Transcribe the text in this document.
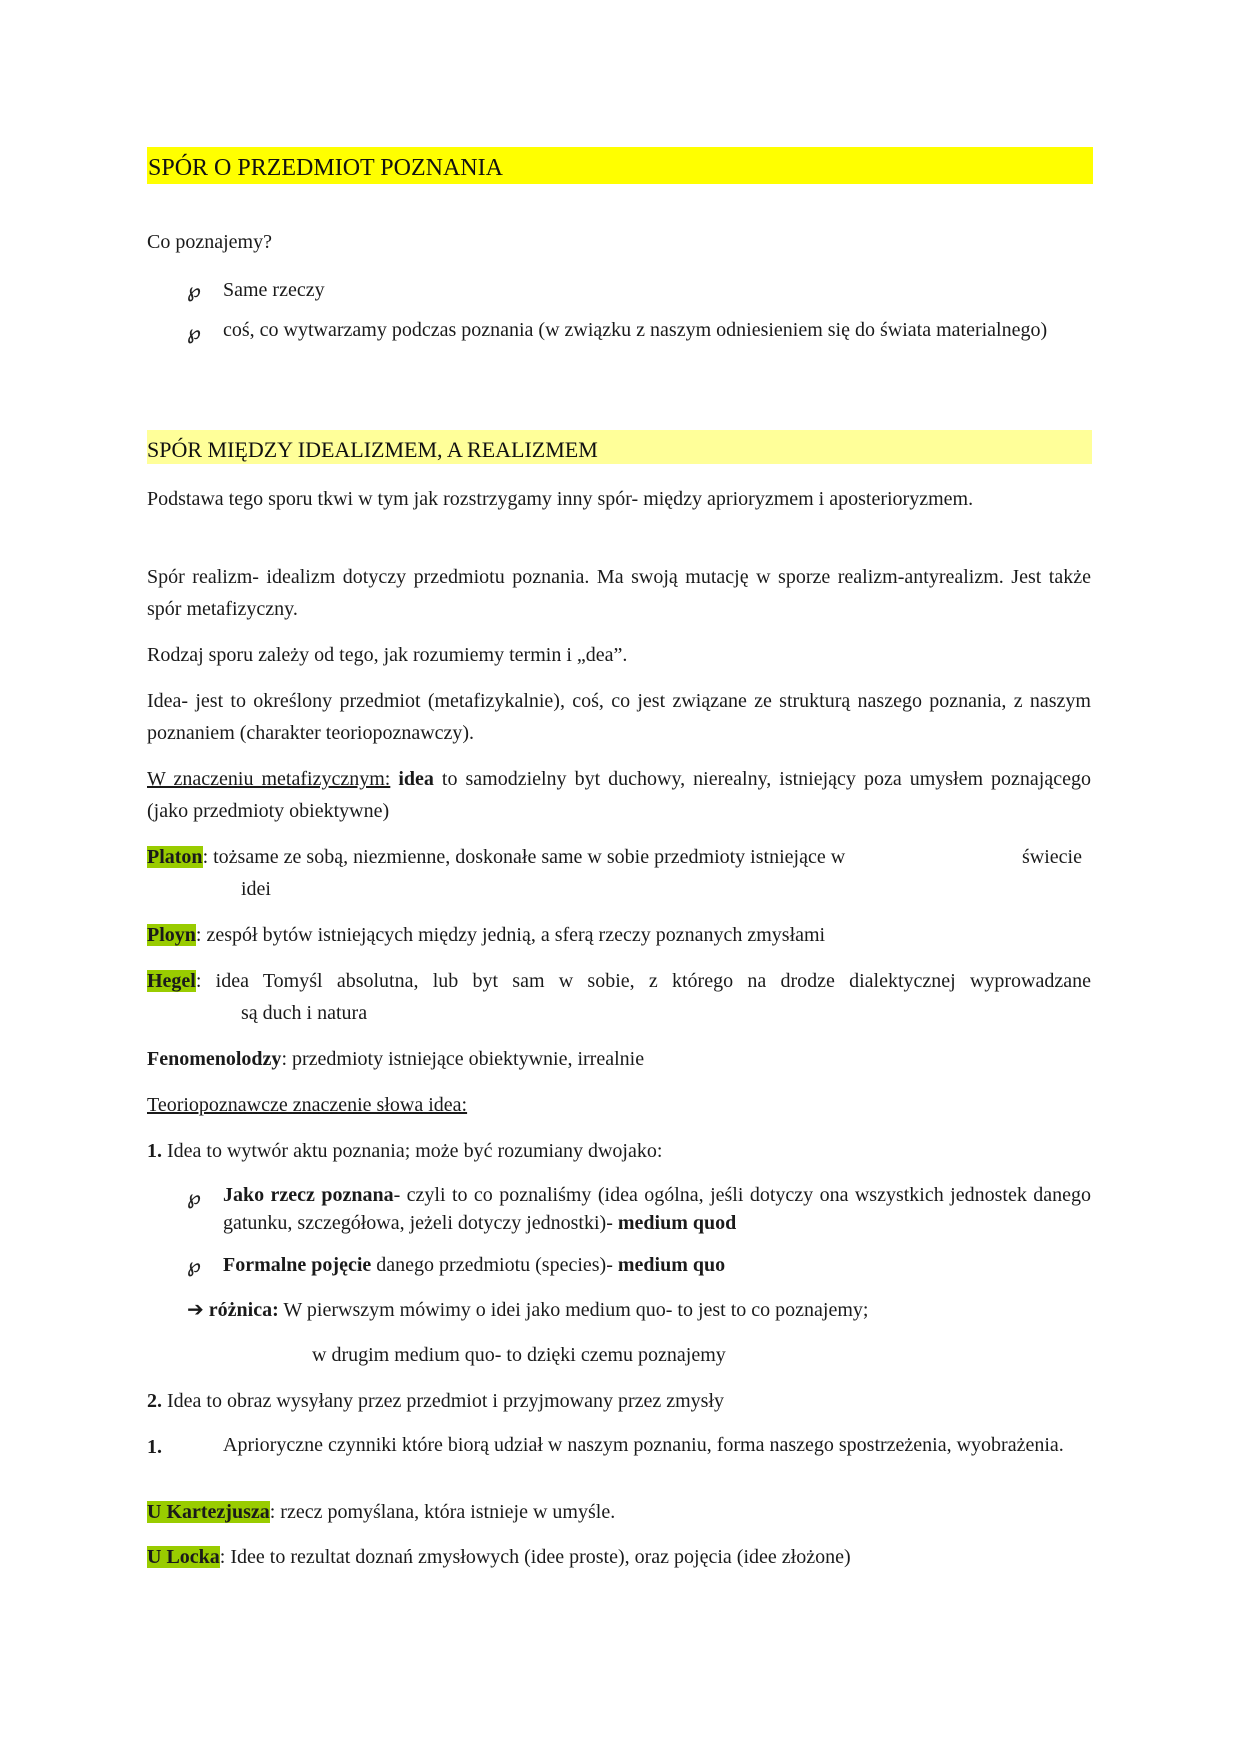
SPÓR O PRZEDMIOT POZNANIA
Co poznajemy?
℘ Same rzeczy
℘ coś, co wytwarzamy podczas poznania (w związku z naszym odniesieniem się do świata materialnego)
SPÓR MIĘDZY IDEALIZMEM, A REALIZMEM
Podstawa tego sporu tkwi w tym jak rozstrzygamy inny spór- między aprioryzmem i aposterioryzmem.
Spór realizm- idealizm dotyczy przedmiotu poznania. Ma swoją mutację w sporze realizm-antyrealizm. Jest także spór metafizyczny.
Rodzaj sporu zależy od tego, jak rozumiemy termin i „dea”.
Idea- jest to określony przedmiot (metafizykalnie), coś, co jest związane ze strukturą naszego poznania, z naszym poznaniem (charakter teoriopoznawczy).
W znaczeniu metafizycznym: idea to samodzielny byt duchowy, nierealny, istniejący poza umysłem poznającego (jako przedmioty obiektywne)
Platon: tożsame ze sobą, niezmienne, doskonałe same w sobie przedmioty istniejące w	świecie
idei
Ployn: zespół bytów istniejących między jednią, a sferą rzeczy poznanych zmysłami
Hegel: idea Tomyśl absolutna, lub byt sam w sobie, z którego na drodze dialektycznej wyprowadzane
są duch i natura
Fenomenolodzy: przedmioty istniejące obiektywnie, irrealnie
Teoriopoznawcze znaczenie słowa idea:
1. Idea to wytwór aktu poznania; może być rozumiany dwojako:
℘ Jako rzecz poznana- czyli to co poznaliśmy (idea ogólna, jeśli dotyczy ona wszystkich jednostek danego gatunku, szczegółowa, jeżeli dotyczy jednostki)- medium quod
℘ Formalne pojęcie danego przedmiotu (species)- medium quo
➔ różnica: W pierwszym mówimy o idei jako medium quo- to jest to co poznajemy;
w drugim medium quo- to dzięki czemu poznajemy
2. Idea to obraz wysyłany przez przedmiot i przyjmowany przez zmysły
1.	Aprioryczne czynniki które biorą udział w naszym poznaniu, forma naszego spostrzeżenia, wyobrażenia.
U Kartezjusza: rzecz pomyślana, która istnieje w umyśle.
U Locka: Idee to rezultat doznań zmysłowych (idee proste), oraz pojęcia (idee złożone)
